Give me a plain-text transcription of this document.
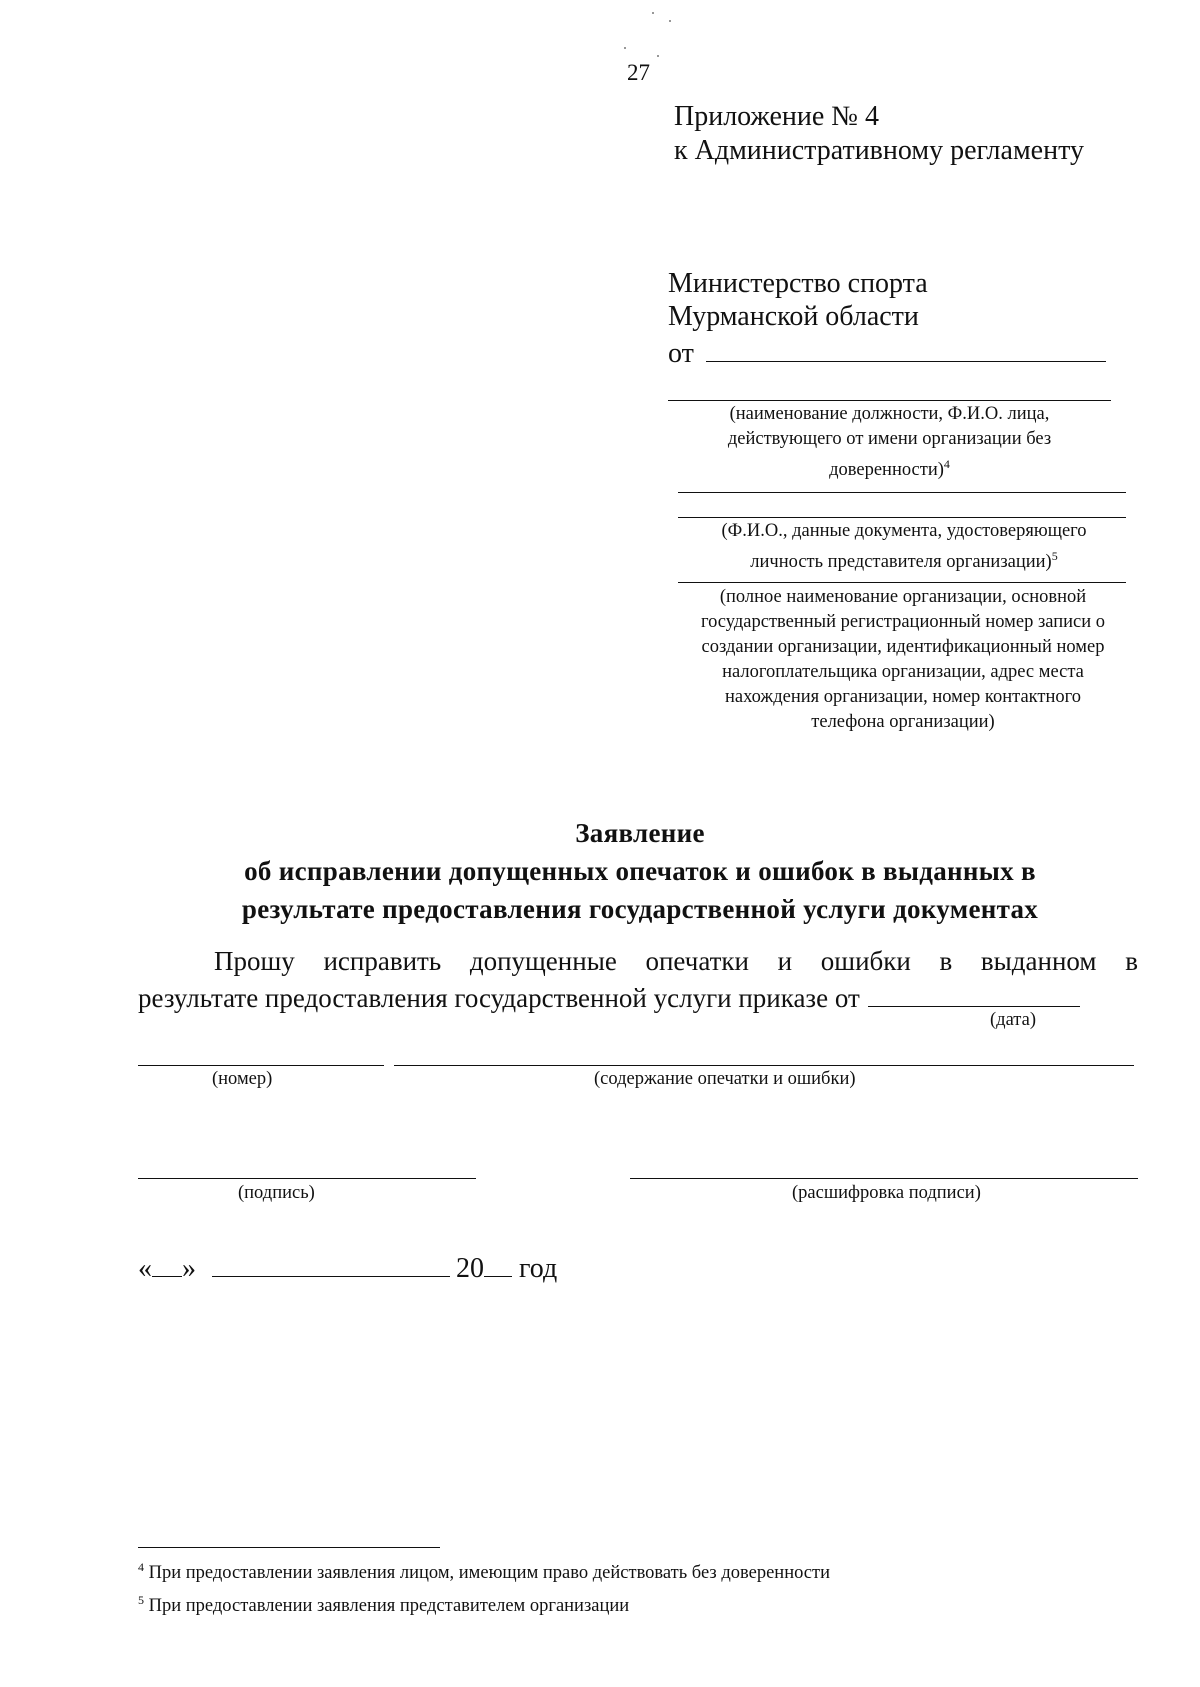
27
Приложение № 4
к Административному регламенту
Министерство спорта
Мурманской области
от
(наименование должности, Ф.И.О. лица,
действующего от имени организации без
доверенности)$^4$
(Ф.И.О., данные документа, удостоверяющего
личность представителя организации)$^5$
(полное наименование организации, основной
государственный регистрационный номер записи о
создании организации, идентификационный номер
налогоплательщика организации, адрес места
нахождения организации, номер контактного
телефона организации)
Заявление
об исправлении допущенных опечаток и ошибок в выданных в
результате предоставления государственной услуги документах
Прошу исправить допущенные опечатки и ошибки в выданном в
результате предоставления государственной услуги приказе от
(дата)
(номер)	(содержание опечатки и ошибки)
(подпись)	(расшифровка подписи)
« »	20 год
$^4$ При предоставлении заявления лицом, имеющим право действовать без доверенности
$^5$ При предоставлении заявления представителем организации
